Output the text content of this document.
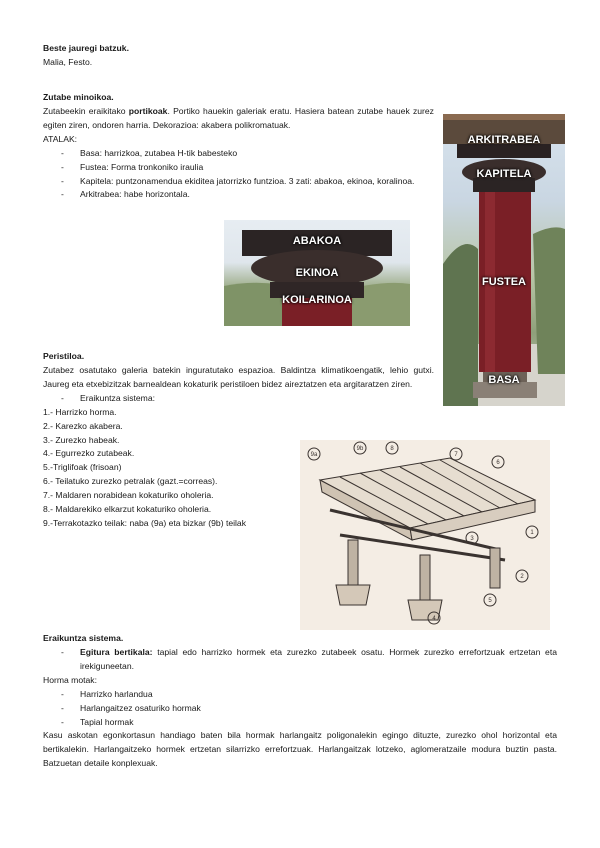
Beste jauregi batzuk.

Malia, Festo.

Zutabe minoikoa.

Zutabeekin eraikitako portikoak. Portiko hauekin galeriak eratu. Hasiera batean zutabe hauek zurez egiten ziren, ondoren harria. Dekorazioa: akabera polikromatuak.

ATALAK:

- Basa: harrizkoa, zutabea H-tik babesteko
- Fustea: Forma tronkoniko iraulia
- Kapitela: puntzonamendua ekiditea jatorrizko funtzioa. 3 zati: abakoa, ekinoa, koralinoa.
- Arkitrabea: habe horizontala.
ARKITRABEA
KAPITELA
FUSTEA
BASA
ABAKOA
EKINOA
KOILARINOA

Peristiloa.

Zutabez osatutako galeria batekin inguratutako espazioa. Baldintza klimatikoengatik, lehio gutxi. Jaureg eta etxebizitzak barnealdean kokaturik peristiloen bidez aireztatzen eta argitaratzen ziren.

- Eraikuntza sistema:
1.- Harrizko horma.
2.- Karezko akabera.
3.- Zurezko habeak.
4.- Egurrezko zutabeak.
5.-Triglifoak (frisoan)
6.- Teilatuko zurezko petralak (gazt.=correas).
7.- Maldaren norabidean kokaturiko oholeria.
8.- Maldarekiko elkarzut kokaturiko oholeria.
9.-Terrakotazko teilak: naba (9a) eta bizkar (9b) teilak
9a
9b	8
7
6
1
2
3
4
5

Eraikuntza sistema.

- Egitura bertikala: tapial edo harrizko hormek eta zurezko zutabeek osatu. Hormek zurezko errefortzuak ertzetan eta irekiguneetan.

Horma motak:

- Harrizko harlandua
- Harlangaitzez osaturiko hormak
- Tapial hormak

Kasu askotan egonkortasun handiago baten bila hormak harlangaitz poligonalekin egingo dituzte, zurezko ohol horizontal eta bertikalekin. Harlangaitzeko hormek ertzetan silarrizko errefortzuak. Harlangaitzak lotzeko, aglomeratzaile modura buztin pasta. Batzuetan detaile konplexuak.
